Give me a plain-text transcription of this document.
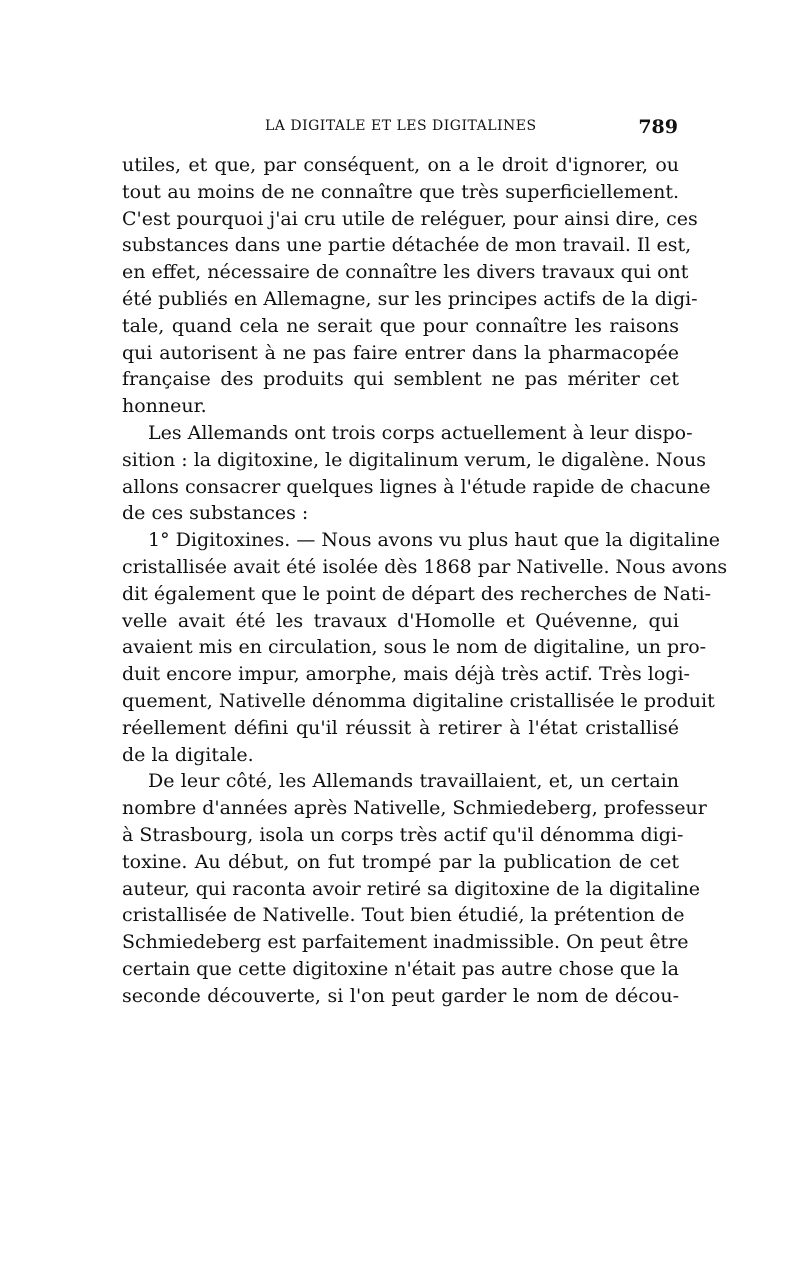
LA DIGITALE ET LES DIGITALINES	789
utiles, et que, par conséquent, on a le droit d'ignorer, ou
tout au moins de ne connaître que très superficiellement.
C'est pourquoi j'ai cru utile de reléguer, pour ainsi dire, ces
substances dans une partie détachée de mon travail. Il est,
en effet, nécessaire de connaître les divers travaux qui ont
été publiés en Allemagne, sur les principes actifs de la digi-
tale, quand cela ne serait que pour connaître les raisons
qui autorisent à ne pas faire entrer dans la pharmacopée
française des produits qui semblent ne pas mériter cet
honneur.
Les Allemands ont trois corps actuellement à leur dispo-
sition : la digitoxine, le digitalinum verum, le digalène. Nous
allons consacrer quelques lignes à l'étude rapide de chacune
de ces substances :
1° Digitoxines. — Nous avons vu plus haut que la digitaline
cristallisée avait été isolée dès 1868 par Nativelle. Nous avons
dit également que le point de départ des recherches de Nati-
velle avait été les travaux d'Homolle et Quévenne, qui
avaient mis en circulation, sous le nom de digitaline, un pro-
duit encore impur, amorphe, mais déjà très actif. Très logi-
quement, Nativelle dénomma digitaline cristallisée le produit
réellement défini qu'il réussit à retirer à l'état cristallisé
de la digitale.
De leur côté, les Allemands travaillaient, et, un certain
nombre d'années après Nativelle, Schmiedeberg, professeur
à Strasbourg, isola un corps très actif qu'il dénomma digi-
toxine. Au début, on fut trompé par la publication de cet
auteur, qui raconta avoir retiré sa digitoxine de la digitaline
cristallisée de Nativelle. Tout bien étudié, la prétention de
Schmiedeberg est parfaitement inadmissible. On peut être
certain que cette digitoxine n'était pas autre chose que la
seconde découverte, si l'on peut garder le nom de décou-
